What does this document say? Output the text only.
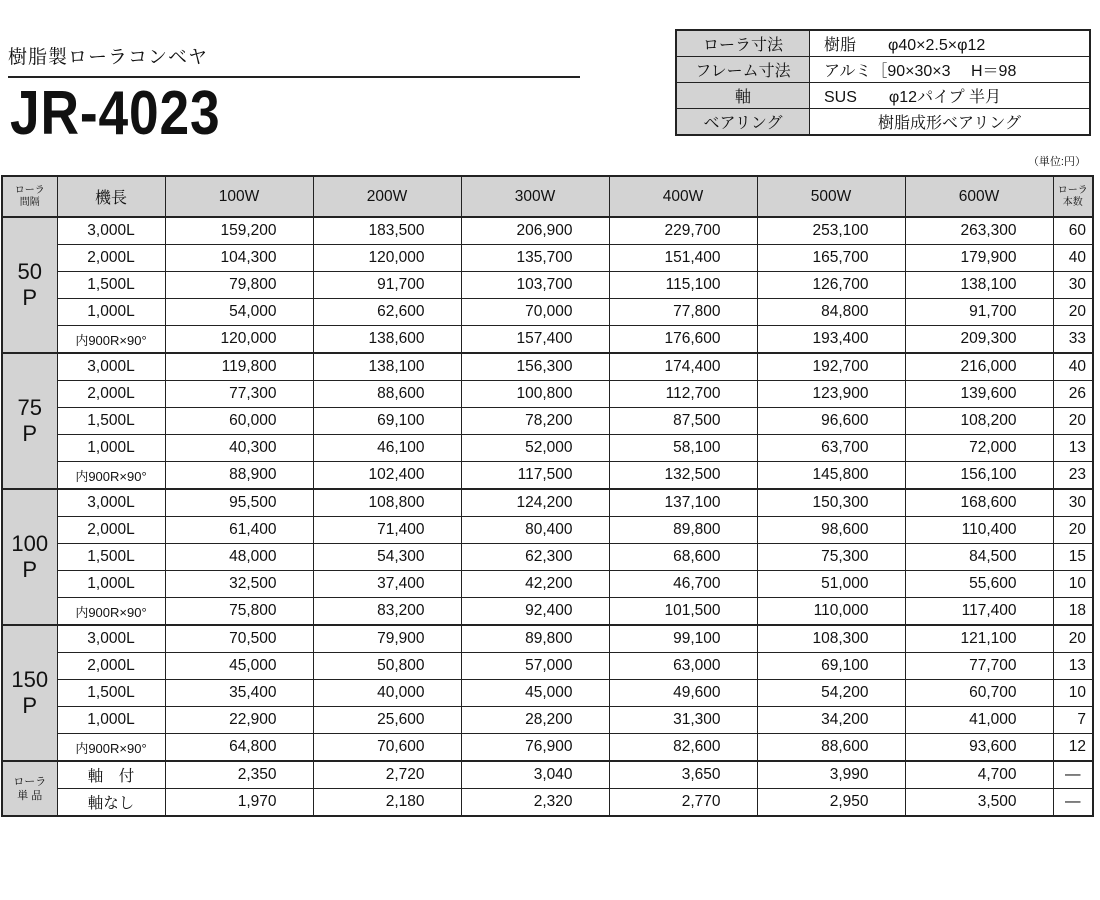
樹脂製ローラコンベヤ
JR-4023
ローラ寸法	樹脂　　φ40×2.5×φ12
フレーム寸法	アルミ［90×30×3　 H＝98
軸	SUS　　φ12パイプ 半月
ベアリング	樹脂成形ベアリング
（単位:円）
ローラ
間隔	機長	100W	200W	300W	400W	500W	600W	ローラ
本数

50
P	3,000L	159,200	183,500	206,900	229,700	253,100	263,300	60
	2,000L	104,300	120,000	135,700	151,400	165,700	179,900	40
	1,500L	79,800	91,700	103,700	115,100	126,700	138,100	30
	1,000L	54,000	62,600	70,000	77,800	84,800	91,700	20
	内900R×90°	120,000	138,600	157,400	176,600	193,400	209,300	33

75
P	3,000L	119,800	138,100	156,300	174,400	192,700	216,000	40
	2,000L	77,300	88,600	100,800	112,700	123,900	139,600	26
	1,500L	60,000	69,100	78,200	87,500	96,600	108,200	20
	1,000L	40,300	46,100	52,000	58,100	63,700	72,000	13
	内900R×90°	88,900	102,400	117,500	132,500	145,800	156,100	23

100
P	3,000L	95,500	108,800	124,200	137,100	150,300	168,600	30
	2,000L	61,400	71,400	80,400	89,800	98,600	110,400	20
	1,500L	48,000	54,300	62,300	68,600	75,300	84,500	15
	1,000L	32,500	37,400	42,200	46,700	51,000	55,600	10
	内900R×90°	75,800	83,200	92,400	101,500	110,000	117,400	18

150
P	3,000L	70,500	79,900	89,800	99,100	108,300	121,100	20
	2,000L	45,000	50,800	57,000	63,000	69,100	77,700	13
	1,500L	35,400	40,000	45,000	49,600	54,200	60,700	10
	1,000L	22,900	25,600	28,200	31,300	34,200	41,000	7
	内900R×90°	64,800	70,600	76,900	82,600	88,600	93,600	12

ローラ
単 品	軸　付	2,350	2,720	3,040	3,650	3,990	4,700	—
	軸なし	1,970	2,180	2,320	2,770	2,950	3,500	—
